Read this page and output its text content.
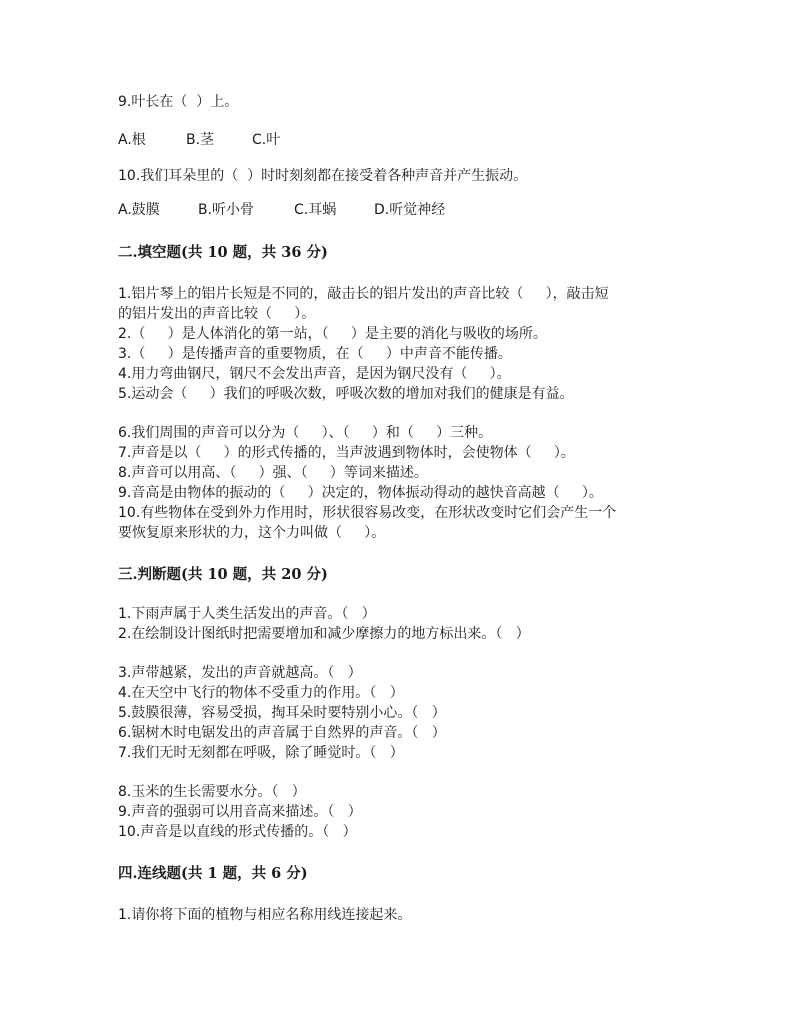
9.叶长在（  ）上。

A.根

	B.茎

	C.叶

10.我们耳朵里的（  ）时时刻刻都在接受着各种声音并产生振动。

A.鼓膜

	B.听小骨

	C.耳蜗

	D.听觉神经

二.填空题(共 10 题，共 36 分)
1.铝片琴上的铝片长短是不同的，敲击长的铝片发出的声音比较（     ），敲击短
的铝片发出的声音比较（     ）。
2.（     ）是人体消化的第一站，（     ）是主要的消化与吸收的场所。
3.（     ）是传播声音的重要物质，在（     ）中声音不能传播。
4.用力弯曲钢尺，钢尺不会发出声音，是因为钢尺没有（     ）。
5.运动会（     ）我们的呼吸次数，呼吸次数的增加对我们的健康是有益。
6.我们周围的声音可以分为（     ）、（     ）和（     ）三种。
7.声音是以（     ）的形式传播的，当声波遇到物体时，会使物体（     ）。
8.声音可以用高、（     ）强、（     ）等词来描述。
9.音高是由物体的振动的（     ）决定的，物体振动得动的越快音高越（     ）。
10.有些物体在受到外力作用时，形状很容易改变，在形状改变时它们会产生一个
要恢复原来形状的力，这个力叫做（     ）。
三.判断题(共 10 题，共 20 分)
1.下雨声属于人类生活发出的声音。（   ）
2.在绘制设计图纸时把需要增加和减少摩擦力的地方标出来。（   ）
3.声带越紧，发出的声音就越高。（   ）
4.在天空中飞行的物体不受重力的作用。（   ）
5.鼓膜很薄，容易受损，掏耳朵时要特别小心。（   ）
6.锯树木时电锯发出的声音属于自然界的声音。（   ）
7.我们无时无刻都在呼吸，除了睡觉时。（   ）
8.玉米的生长需要水分。（   ）
9.声音的强弱可以用音高来描述。（   ）
10.声音是以直线的形式传播的。（   ）
四.连线题(共 1 题，共 6 分)
1.请你将下面的植物与相应名称用线连接起来。
